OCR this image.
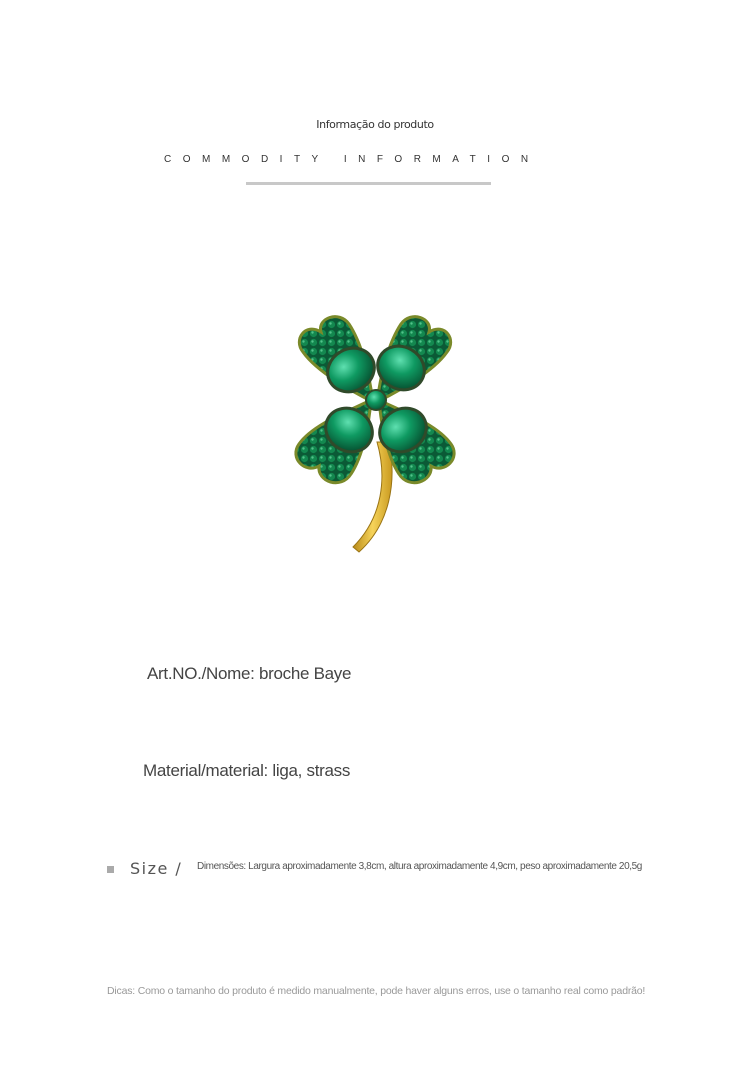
Informação do produto
COMMODITY INFORMATION
Art.NO./Nome: broche Baye
Material/material: liga, strass
Size / Dimensões: Largura aproximadamente 3,8cm, altura aproximadamente 4,9cm, peso aproximadamente 20,5g
Dicas: Como o tamanho do produto é medido manualmente, pode haver alguns erros, use o tamanho real como padrão!
